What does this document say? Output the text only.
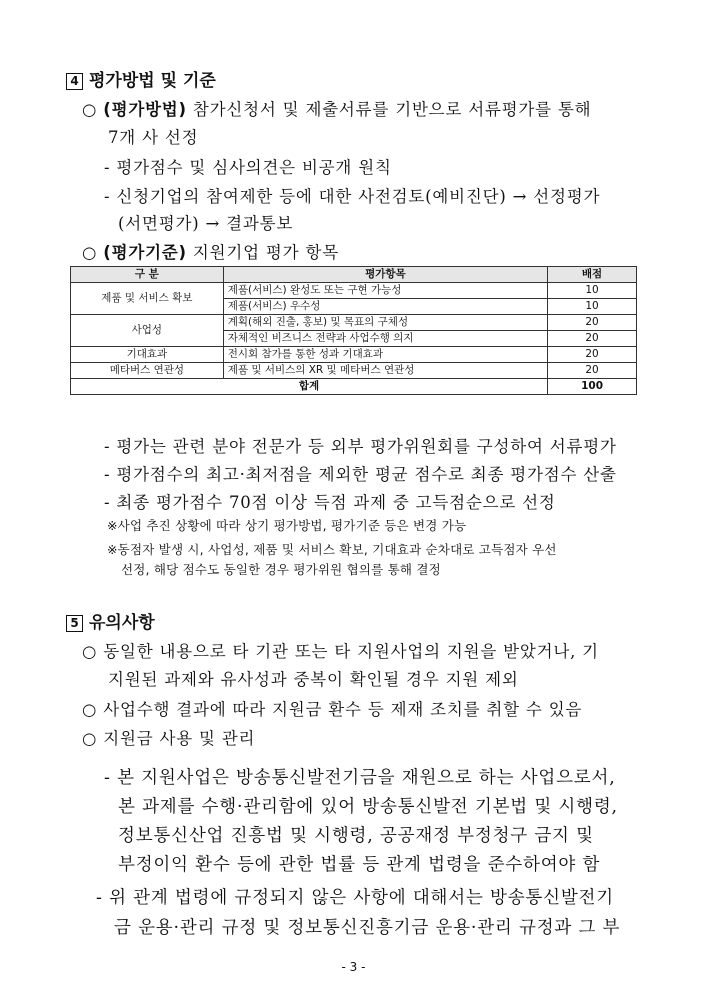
4 평가방법 및 기준
○ (평가방법) 참가신청서 및 제출서류를 기반으로 서류평가를 통해
7개 사 선정
- 평가점수 및 심사의견은 비공개 원칙
- 신청기업의 참여제한 등에 대한 사전검토(예비진단) → 선정평가
(서면평가) → 결과통보
○ (평가기준) 지원기업 평가 항목
구 분	평가항목	배점
제품 및 서비스 확보	제품(서비스) 완성도 또는 구현 가능성	10
	제품(서비스) 우수성	10
사업성	계획(해외 진출, 홍보) 및 목표의 구체성	20
	자체적인 비즈니스 전략과 사업수행 의지	20
기대효과	전시회 참가를 통한 성과 기대효과	20
메타버스 연관성	제품 및 서비스의 XR 및 메타버스 연관성	20
합계		100
- 평가는 관련 분야 전문가 등 외부 평가위원회를 구성하여 서류평가
- 평가점수의 최고·최저점을 제외한 평균 점수로 최종 평가점수 산출
- 최종 평가점수 70점 이상 득점 과제 중 고득점순으로 선정
※사업 추진 상황에 따라 상기 평가방법, 평가기준 등은 변경 가능
※동점자 발생 시, 사업성, 제품 및 서비스 확보, 기대효과 순차대로 고득점자 우선
선정, 해당 점수도 동일한 경우 평가위원 협의를 통해 결정
5 유의사항
○ 동일한 내용으로 타 기관 또는 타 지원사업의 지원을 받았거나, 기
지원된 과제와 유사성과 중복이 확인될 경우 지원 제외
○ 사업수행 결과에 따라 지원금 환수 등 제재 조치를 취할 수 있음
○ 지원금 사용 및 관리
- 본 지원사업은 방송통신발전기금을 재원으로 하는 사업으로서,
본 과제를 수행·관리함에 있어 방송통신발전 기본법 및 시행령,
정보통신산업 진흥법 및 시행령, 공공재정 부정청구 금지 및
부정이익 환수 등에 관한 법률 등 관계 법령을 준수하여야 함
- 위 관계 법령에 규정되지 않은 사항에 대해서는 방송통신발전기
금 운용·관리 규정 및 정보통신진흥기금 운용·관리 규정과 그 부
- 3 -
